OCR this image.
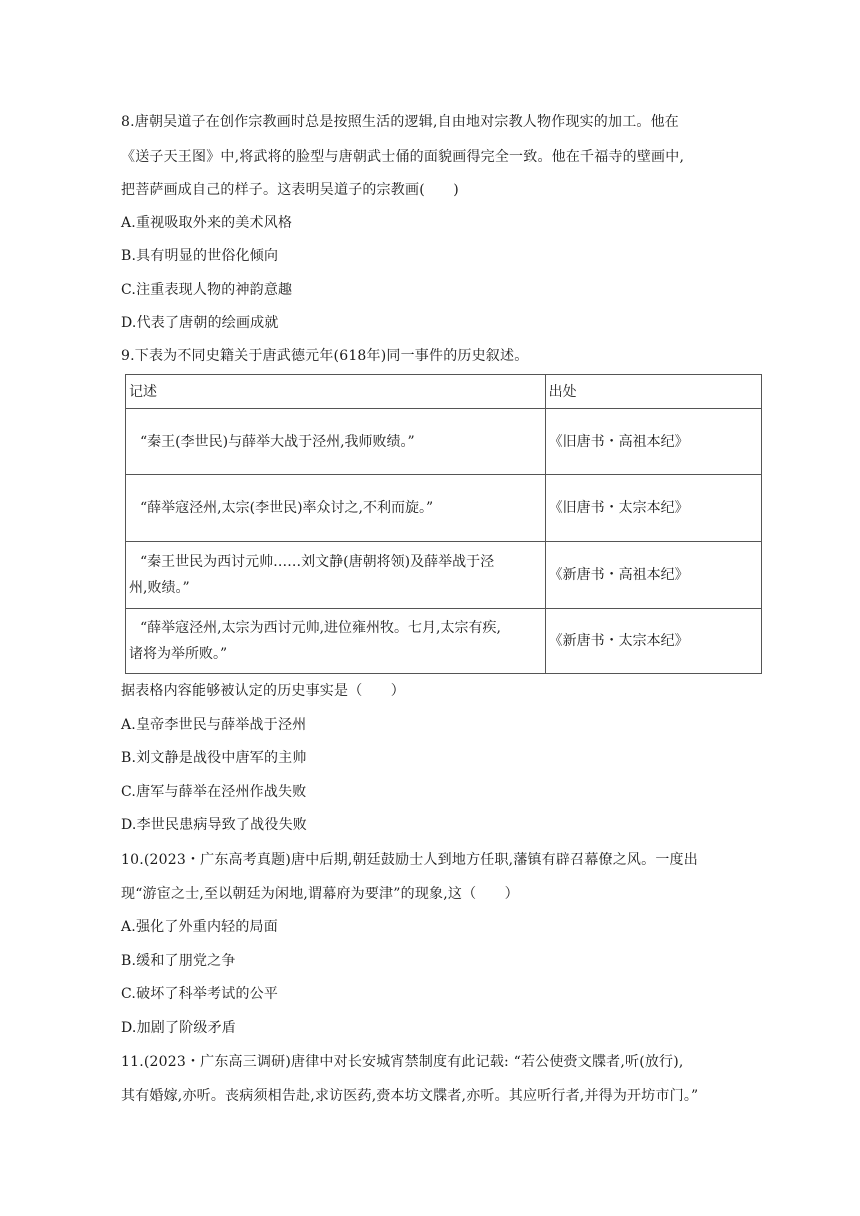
8.唐朝吴道子在创作宗教画时总是按照生活的逻辑,自由地对宗教人物作现实的加工。他在
《送子天王图》中,将武将的脸型与唐朝武士俑的面貌画得完全一致。他在千福寺的壁画中,
把菩萨画成自己的样子。这表明吴道子的宗教画(　　)
A.重视吸取外来的美术风格
B.具有明显的世俗化倾向
C.注重表现人物的神韵意趣
D.代表了唐朝的绘画成就
9.下表为不同史籍关于唐武德元年(618年)同一事件的历史叙述。
记述	出处
“秦王(李世民)与薛举大战于泾州,我师败绩。”	《旧唐书・高祖本纪》
“薛举寇泾州,太宗(李世民)率众讨之,不利而旋。”	《旧唐书・太宗本纪》

“秦王世民为西讨元帅……刘文静(唐朝将领)及薛举战于泾
州,败绩。”	《新唐书・高祖本纪》

“薛举寇泾州,太宗为西讨元帅,进位雍州牧。七月,太宗有疾,
诸将为举所败。”	《新唐书・太宗本纪》
据表格内容能够被认定的历史事实是（　　）
A.皇帝李世民与薛举战于泾州
B.刘文静是战役中唐军的主帅
C.唐军与薛举在泾州作战失败
D.李世民患病导致了战役失败
10.(2023・广东高考真题)唐中后期,朝廷鼓励士人到地方任职,藩镇有辟召幕僚之风。一度出
现“游宦之士,至以朝廷为闲地,谓幕府为要津”的现象,这（　　）
A.强化了外重内轻的局面
B.缓和了朋党之争
C.破坏了科举考试的公平
D.加剧了阶级矛盾
11.(2023・广东高三调研)唐律中对长安城宵禁制度有此记载: “若公使赍文牒者,听(放行),
其有婚嫁,亦听。丧病须相告赴,求访医药,赍本坊文牒者,亦听。其应听行者,并得为开坊市门。”
